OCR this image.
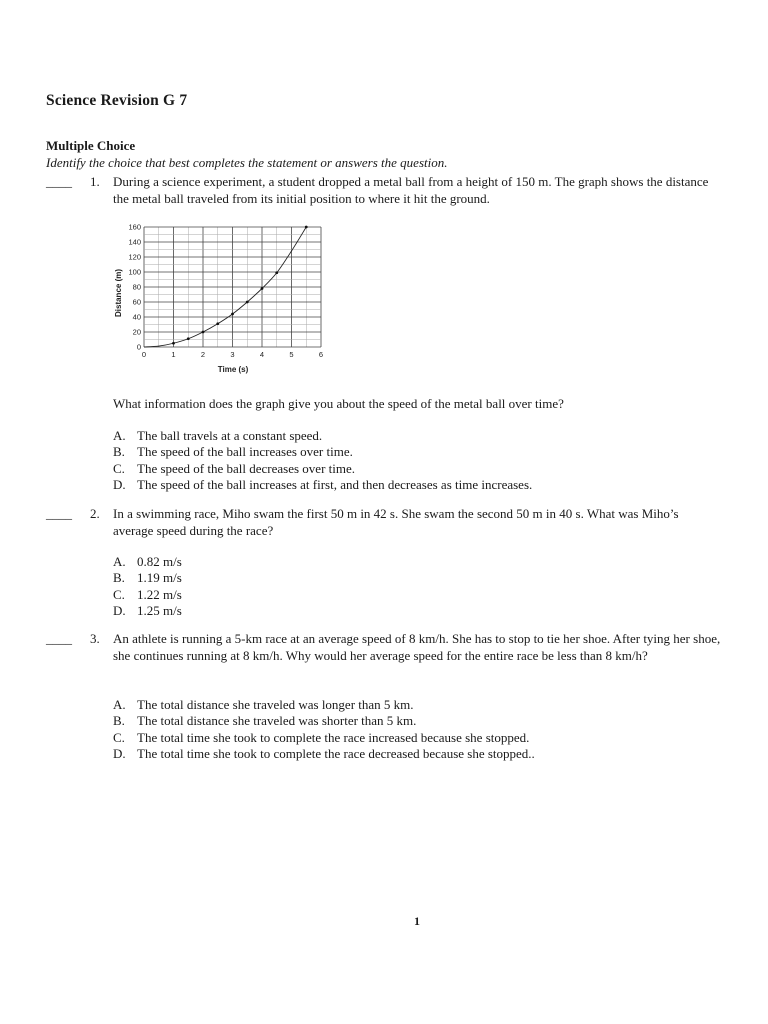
Science Revision G 7
Multiple Choice
Identify the choice that best completes the statement or answers the question.
____ 1. During a science experiment, a student dropped a metal ball from a height of 150 m. The graph shows the distance the metal ball traveled from its initial position to where it hit the ground.
0	1	2	3	4	5	6
0
20
40
60
80
100
120
140
160
Time (s)
Distance (m)
What information does the graph give you about the speed of the metal ball over time?
A. The ball travels at a constant speed.
B. The speed of the ball increases over time.
C. The speed of the ball decreases over time.
D. The speed of the ball increases at first, and then decreases as time increases.
____ 2. In a swimming race, Miho swam the first 50 m in 42 s. She swam the second 50 m in 40 s. What was Miho’s average speed during the race?
A. 0.82 m/s
B. 1.19 m/s
C. 1.22 m/s
D. 1.25 m/s
____ 3. An athlete is running a 5-km race at an average speed of 8 km/h. She has to stop to tie her shoe. After tying her shoe, she continues running at 8 km/h. Why would her average speed for the entire race be less than 8 km/h?
A. The total distance she traveled was longer than 5 km.
B. The total distance she traveled was shorter than 5 km.
C. The total time she took to complete the race increased because she stopped.
D. The total time she took to complete the race decreased because she stopped..
1
